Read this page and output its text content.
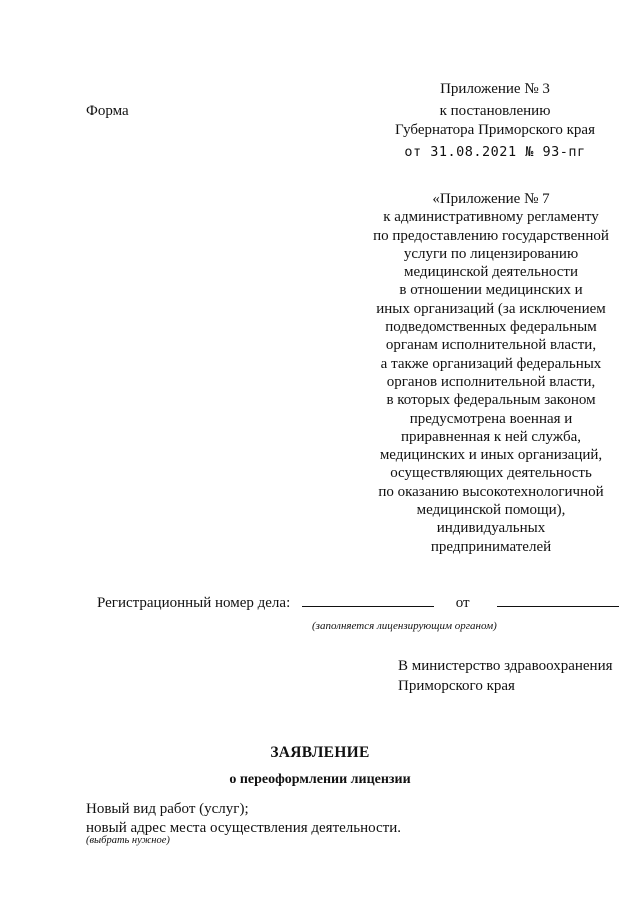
Приложение № 3
к постановлению
Губернатора Приморского края
от 31.08.2021 № 93-пг
Форма
«Приложение № 7
к административному регламенту
по предоставлению государственной
услуги по лицензированию
медицинской деятельности
в отношении медицинских и
иных организаций (за исключением
подведомственных федеральным
органам исполнительной власти,
а также организаций федеральных
органов исполнительной власти,
в которых федеральным законом
предусмотрена военная и
приравненная к ней служба,
медицинских и иных организаций,
осуществляющих деятельность
по оказанию высокотехнологичной
медицинской помощи),
индивидуальных
предпринимателей
Регистрационный номер дела:	от
(заполняется лицензирующим органом)
В министерство здравоохранения
Приморского края
ЗАЯВЛЕНИЕ
о переоформлении лицензии
Новый вид работ (услуг);
новый адрес места осуществления деятельности.
(выбрать нужное)
